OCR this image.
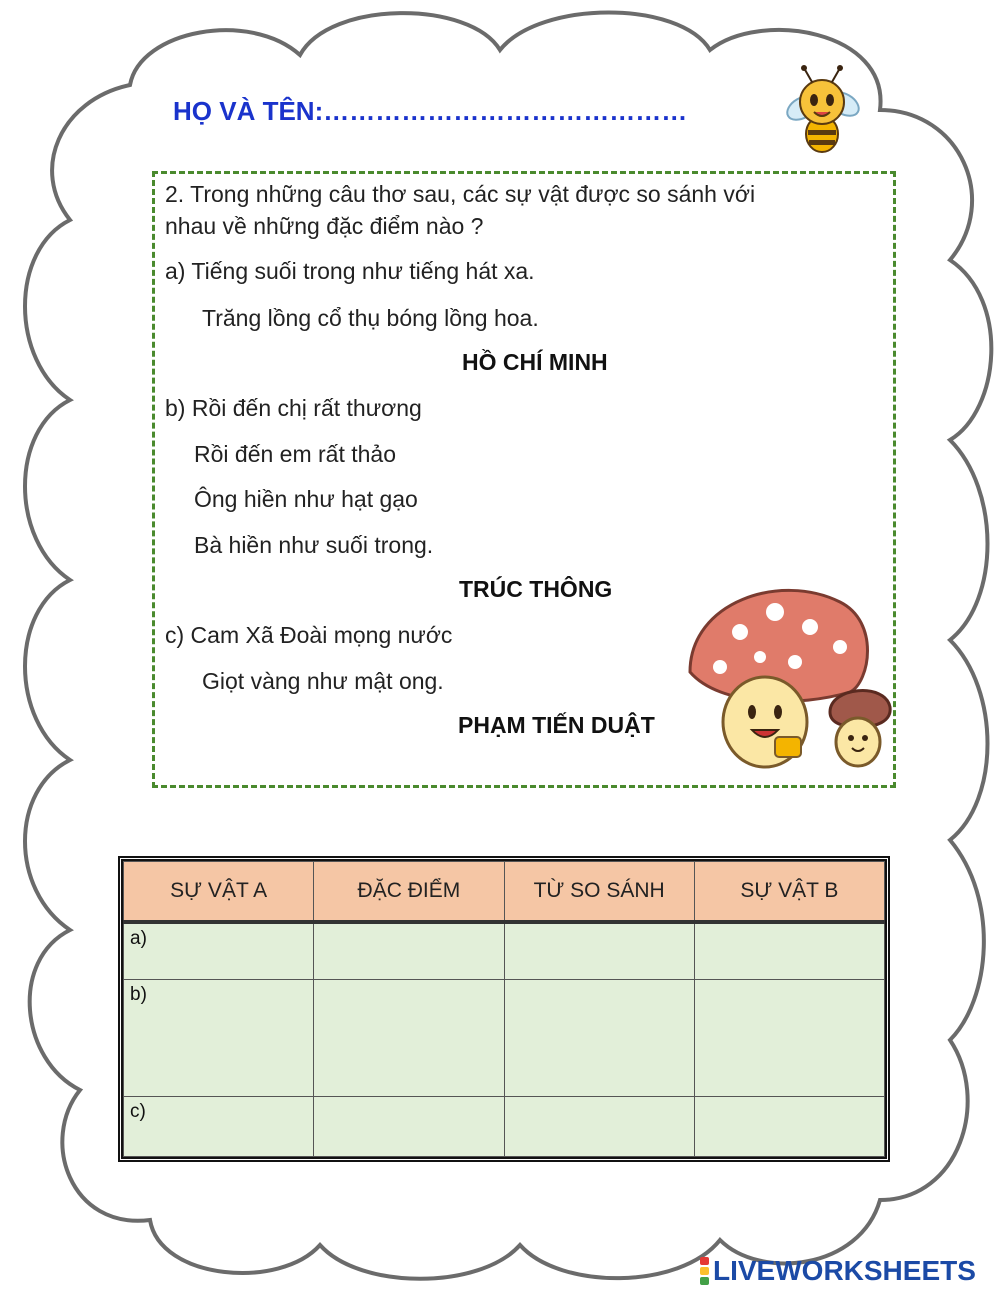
HỌ VÀ TÊN:……………………………………
2. Trong những câu thơ sau, các sự vật được so sánh với
nhau về những đặc điểm nào ?
a) Tiếng suối trong như tiếng hát xa.
Trăng lồng cổ thụ bóng lồng hoa.
HỒ CHÍ MINH
b) Rồi đến chị rất thương
Rồi đến em rất thảo
Ông hiền như hạt gạo
Bà hiền như suối trong.
TRÚC THÔNG
c) Cam Xã Đoài mọng nước
Giọt vàng như mật ong.
PHẠM TIẾN DUẬT
SỰ VẬT A	ĐẶC ĐIỂM	TỪ SO SÁNH	SỰ VẬT B
a)			
b)			
c)			
LIVEWORKSHEETS
